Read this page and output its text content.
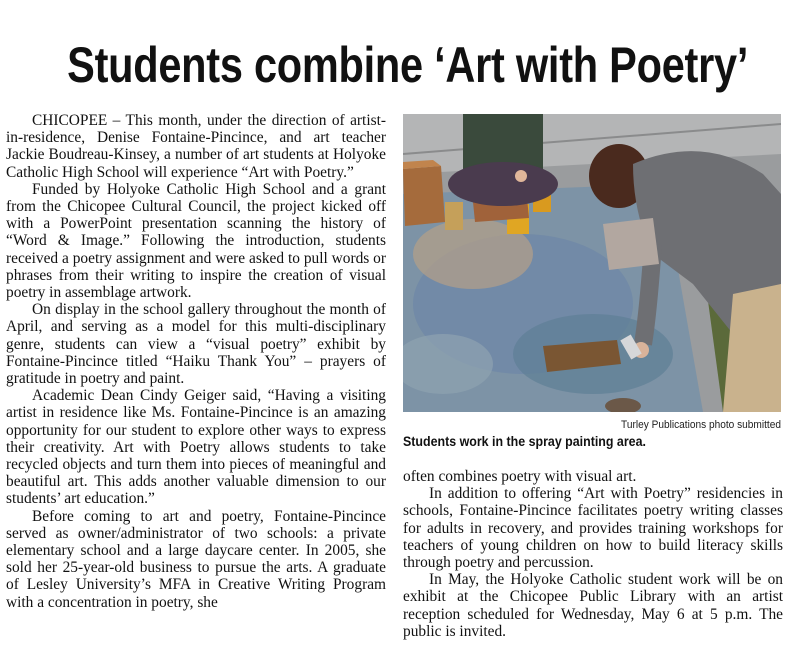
Students combine ‘Art with Poetry’

CHICOPEE – This month, under the direction of artist-in-residence, Denise Fontaine-Pincince, and art teacher Jackie Boudreau-Kinsey, a number of art students at Holyoke Catholic High School will experience “Art with Poetry.”

Funded by Holyoke Catholic High School and a grant from the Chicopee Cultural Council, the project kicked off with a PowerPoint presentation scanning the history of “Word & Image.” Following the introduction, students received a poetry assignment and were asked to pull words or phrases from their writing to inspire the creation of visual poetry in assemblage artwork.

On display in the school gallery throughout the month of April, and serving as a model for this multi-disciplinary genre, students can view a “visual poetry” exhibit by Fontaine-Pincince titled “Haiku Thank You” – prayers of gratitude in poetry and paint.

Academic Dean Cindy Geiger said, “Having a visiting artist in residence like Ms. Fontaine-Pincince is an amazing opportunity for our student to explore other ways to express their creativity. Art with Poetry allows students to take recycled objects and turn them into pieces of meaningful and beautiful art. This adds another valuable dimension to our students’ art education.”

Before coming to art and poetry, Fontaine-Pincince served as owner/administrator of two schools: a private elementary school and a large daycare center. In 2005, she sold her 25-year-old business to pursue the arts. A graduate of Lesley University’s MFA in Creative Writing Program with a concentration in poetry, she

Turley Publications photo submitted
Students work in the spray painting area.

often combines poetry with visual art.

In addition to offering “Art with Poetry” residencies in schools, Fontaine-Pincince facilitates poetry writing classes for adults in recovery, and provides training workshops for teachers of young children on how to build literacy skills through poetry and percussion.

In May, the Holyoke Catholic student work will be on exhibit at the Chicopee Public Library with an artist reception scheduled for Wednesday, May 6 at 5 p.m. The public is invited.
